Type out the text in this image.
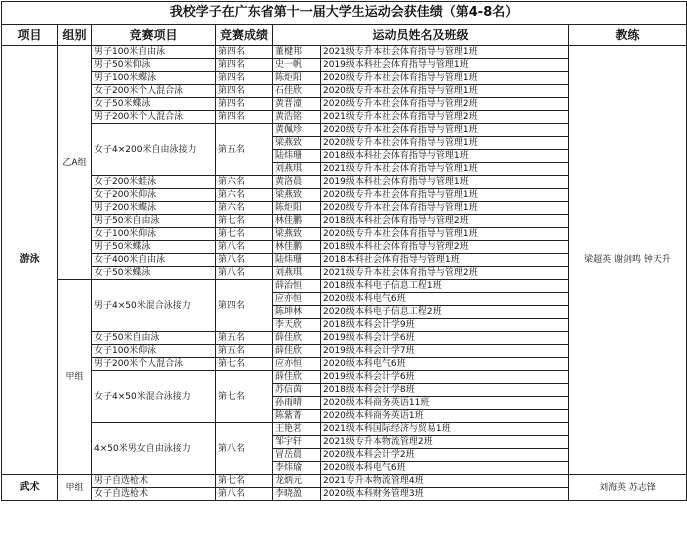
我校学子在广东省第十一届大学生运动会获佳绩（第4-8名）						
项目	组别	竞赛项目	竞赛成绩	运动员姓名及班级		教练
游泳	乙A组	男子100米自由泳	第四名	董楗邦	2021级专升本社会体育指导与管理1班	梁超英 谢剑鸣 钟天升
		男子50米仰泳	第四名	史一帆	2019级本科社会体育指导与管理1班	
		男子100米蝶泳	第四名	陈炬阳	2020级专升本社会体育指导与管理1班	
		女子200米个人混合泳	第四名	石佳欣	2020级专升本社会体育指导与管理1班	
		女子50米蝶泳	第四名	黄晋潼	2020级专升本社会体育指导与管理2班	
		男子200米个人混合泳	第四名	黄浩铭	2021级专升本社会体育指导与管理2班	
		女子4×200米自由泳接力	第五名	黄佩珍	2020级专升本社会体育指导与管理1班	
				梁燕致	2020级专升本社会体育指导与管理1班	
				陆炜珊	2018级本科社会体育指导与管理1班	
				刘燕琪	2021级专升本社会体育指导与管理1班	
		女子200米蛙泳	第六名	黄洛晨	2019级本科社会体育指导与管理1班	
		女子200米仰泳	第六名	梁燕致	2020级专升本社会体育指导与管理1班	
		男子200米蝶泳	第六名	陈炬阳	2020级专升本社会体育指导与管理1班	
		男子50米自由泳	第七名	林佳鹏	2018级本科社会体育指导与管理2班	
		女子100米仰泳	第七名	梁燕致	2020级专升本社会体育指导与管理1班	
		男子50米蝶泳	第八名	林佳鹏	2018级本科社会体育指导与管理2班	
		女子400米自由泳	第八名	陆炜珊	2018本科社会体育指导与管理1班	
		女子50米蝶泳	第八名	刘燕琪	2021级专升本社会体育指导与管理2班	
	甲组	男子4×50米混合泳接力	第四名	薛治恒	2018级本科电子信息工程1班	
				应亦恒	2020级本科电气6班	
				陈坤林	2020级本科电子信息工程2班	
				李天欣	2018级本科会计学9班	
		女子50米自由泳	第五名	薛佳欣	2019级本科会计学6班	
		女子100米仰泳	第五名	薛佳欣	2019级本科会计学7班	
		男子200米个人混合泳	第七名	应亦恒	2020级本科电气6班	
		女子4×50米混合泳接力	第七名	薛佳欣	2019级本科会计学6班	
				苏信茵	2018级本科会计学8班	
				孙雨晴	2020级本科商务英语11班	
				陈紫菁	2020级本科商务英语1班	
		4×50米男女自由泳接力	第八名	王艳茗	2021级本科国际经济与贸易1班	
				邹宇轩	2021级专升本物流管理2班	
				冒岳晨	2020级本科会计学2班	
				李炜瑜	2020级本科电气6班	
武术	甲组	男子自选枪术	第七名	龙炳元	2021专升本物流管理4班	刘海英 苏志锋
		女子自选枪术	第八名	李晓盈	2020级本科财务管理3班	
